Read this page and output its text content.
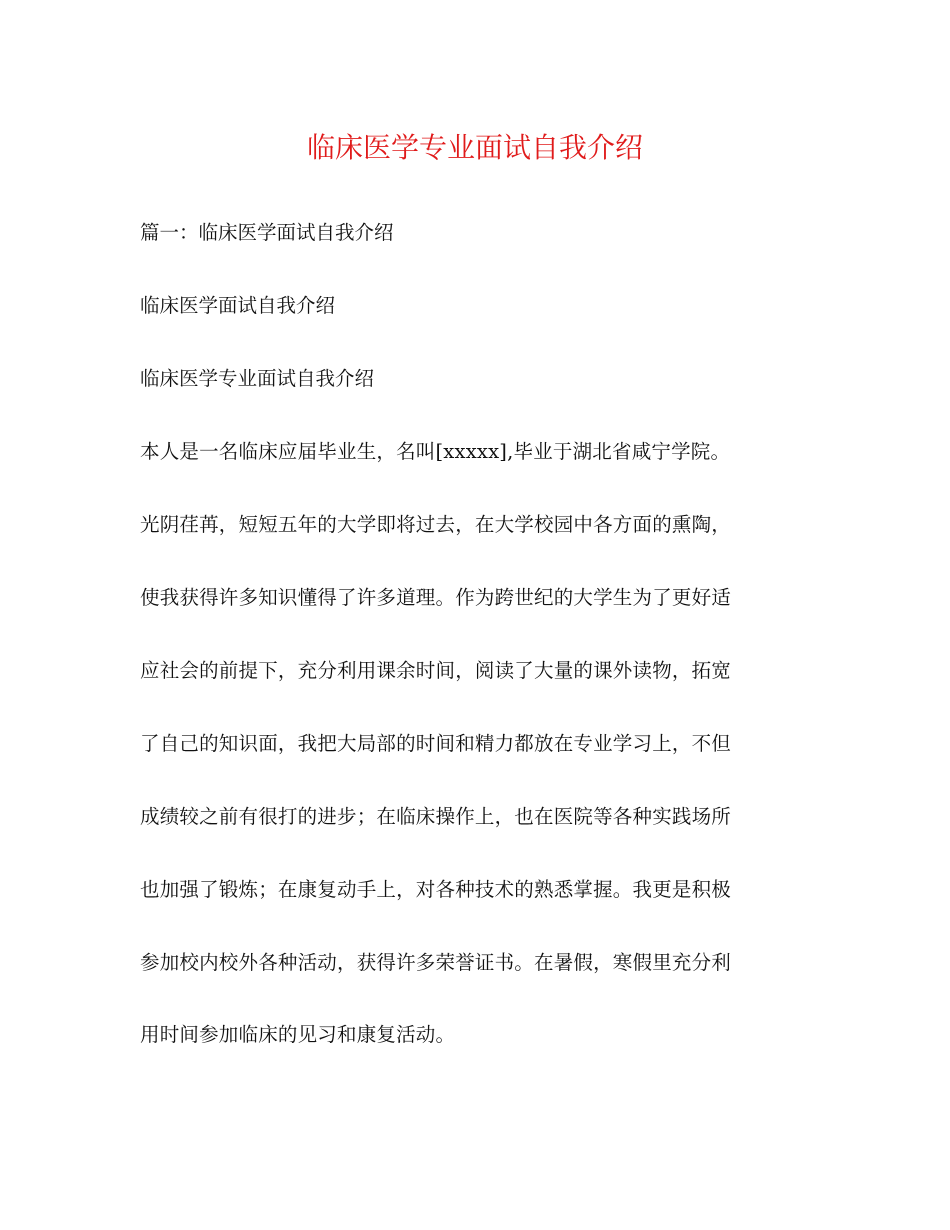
临床医学专业面试自我介绍

篇一：临床医学面试自我介绍

临床医学面试自我介绍

临床医学专业面试自我介绍

本人是一名临床应届毕业生，名叫[xxxxx],毕业于湖北省咸宁学院。

光阴荏苒，短短五年的大学即将过去，在大学校园中各方面的熏陶，

使我获得许多知识懂得了许多道理。作为跨世纪的大学生为了更好适

应社会的前提下，充分利用课余时间，阅读了大量的课外读物，拓宽

了自己的知识面，我把大局部的时间和精力都放在专业学习上，不但

成绩较之前有很打的进步；在临床操作上，也在医院等各种实践场所

也加强了锻炼；在康复动手上，对各种技术的熟悉掌握。我更是积极

参加校内校外各种活动，获得许多荣誉证书。在暑假，寒假里充分利

用时间参加临床的见习和康复活动。
